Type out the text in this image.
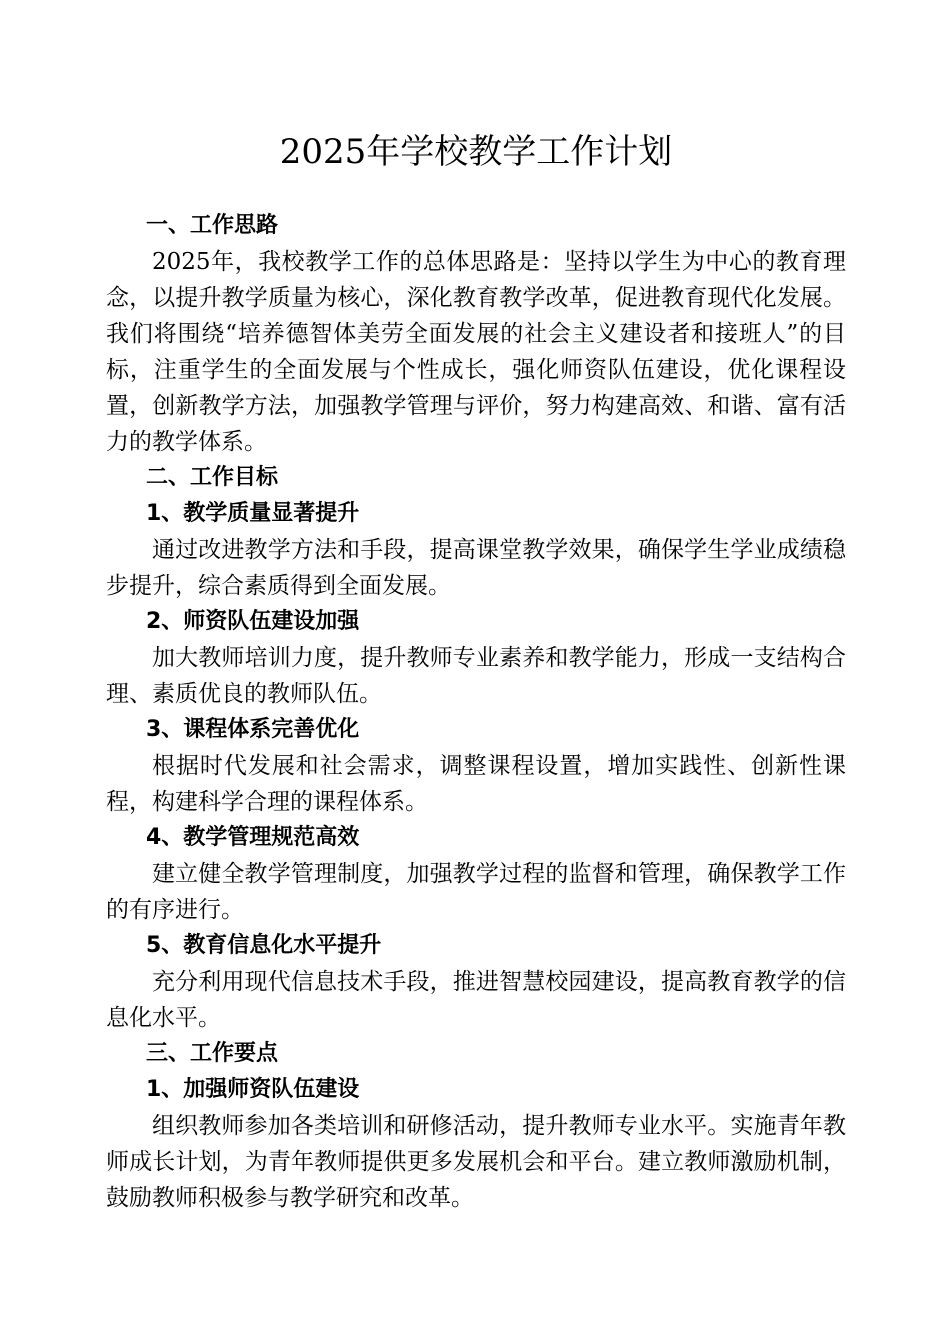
2025年学校教学工作计划

一、工作思路

2025年，我校教学工作的总体思路是：坚持以学生为中心的教育理念，以提升教学质量为核心，深化教育教学改革，促进教育现代化发展。我们将围绕“培养德智体美劳全面发展的社会主义建设者和接班人”的目标，注重学生的全面发展与个性成长，强化师资队伍建设，优化课程设置，创新教学方法，加强教学管理与评价，努力构建高效、和谐、富有活力的教学体系。

二、工作目标

1、教学质量显著提升

通过改进教学方法和手段，提高课堂教学效果，确保学生学业成绩稳步提升，综合素质得到全面发展。

2、师资队伍建设加强

加大教师培训力度，提升教师专业素养和教学能力，形成一支结构合理、素质优良的教师队伍。

3、课程体系完善优化

根据时代发展和社会需求，调整课程设置，增加实践性、创新性课程，构建科学合理的课程体系。

4、教学管理规范高效

建立健全教学管理制度，加强教学过程的监督和管理，确保教学工作的有序进行。

5、教育信息化水平提升

充分利用现代信息技术手段，推进智慧校园建设，提高教育教学的信息化水平。

三、工作要点

1、加强师资队伍建设

组织教师参加各类培训和研修活动，提升教师专业水平。实施青年教师成长计划，为青年教师提供更多发展机会和平台。建立教师激励机制，鼓励教师积极参与教学研究和改革。
